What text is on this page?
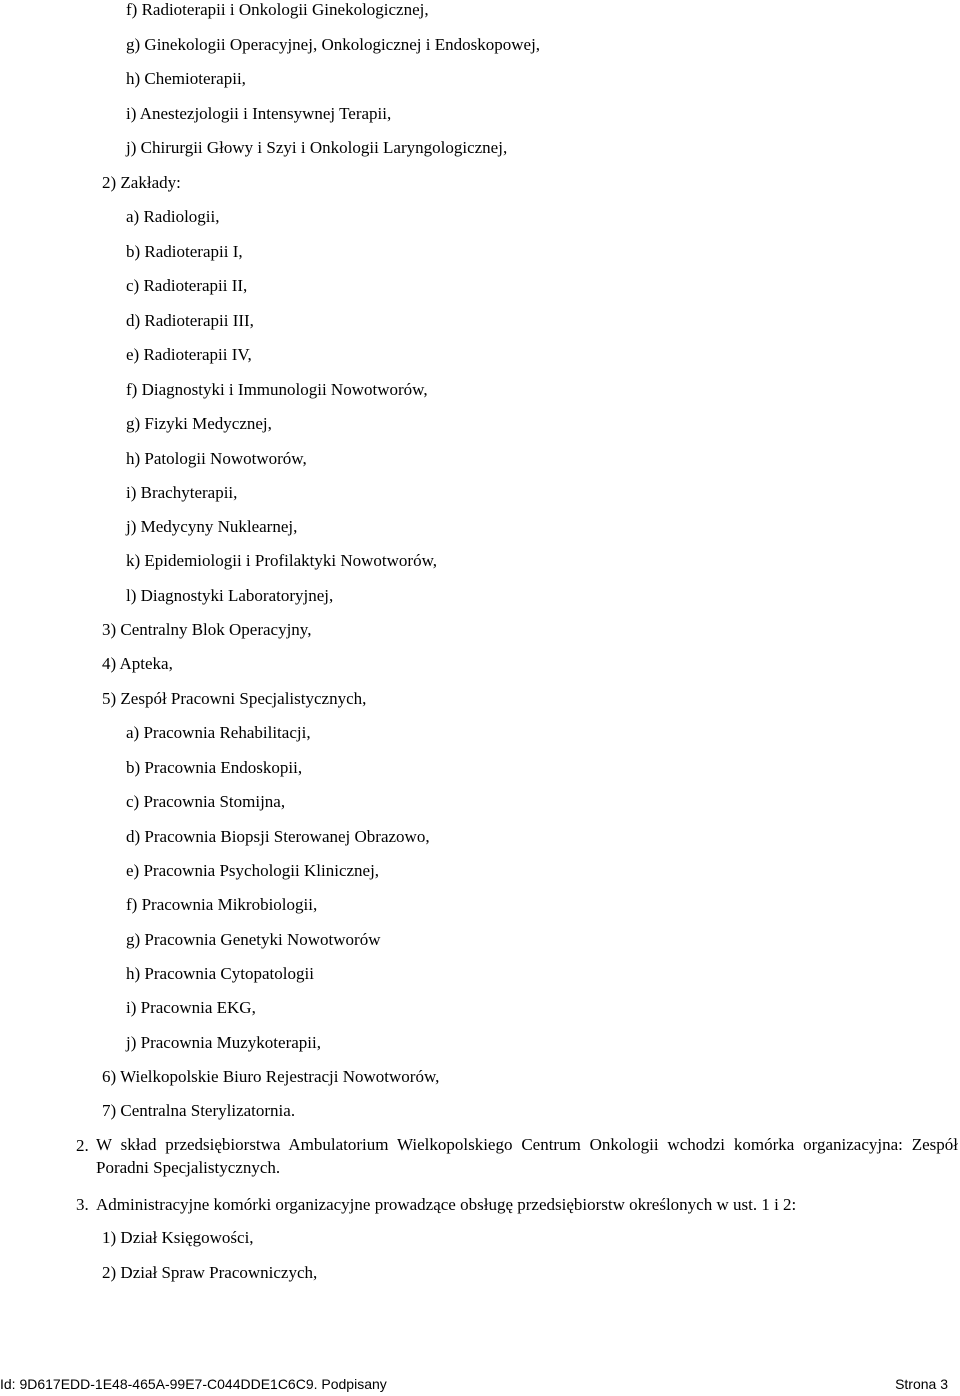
f) Radioterapii i Onkologii Ginekologicznej,
g) Ginekologii Operacyjnej, Onkologicznej i Endoskopowej,
h) Chemioterapii,
i) Anestezjologii i Intensywnej Terapii,
j) Chirurgii Głowy i Szyi i Onkologii Laryngologicznej,
2) Zakłady:
a) Radiologii,
b) Radioterapii I,
c) Radioterapii II,
d) Radioterapii III,
e) Radioterapii IV,
f) Diagnostyki i Immunologii Nowotworów,
g) Fizyki Medycznej,
h) Patologii Nowotworów,
i) Brachyterapii,
j) Medycyny Nuklearnej,
k) Epidemiologii i Profilaktyki Nowotworów,
l) Diagnostyki Laboratoryjnej,
3) Centralny Blok Operacyjny,
4) Apteka,
5) Zespół Pracowni Specjalistycznych,
a) Pracownia Rehabilitacji,
b) Pracownia Endoskopii,
c) Pracownia Stomijna,
d) Pracownia Biopsji Sterowanej Obrazowo,
e) Pracownia Psychologii Klinicznej,
f) Pracownia Mikrobiologii,
g) Pracownia Genetyki Nowotworów
h) Pracownia Cytopatologii
i) Pracownia EKG,
j) Pracownia Muzykoterapii,
6) Wielkopolskie Biuro Rejestracji Nowotworów,
7) Centralna Sterylizatornia.
2. W skład przedsiębiorstwa Ambulatorium Wielkopolskiego Centrum Onkologii wchodzi komórka organizacyjna: Zespół Poradni Specjalistycznych.
3. Administracyjne komórki organizacyjne prowadzące obsługę przedsiębiorstw określonych w ust. 1 i 2:
1) Dział Księgowości,
2) Dział Spraw Pracowniczych,
Id: 9D617EDD-1E48-465A-99E7-C044DDE1C6C9. Podpisany	Strona 3
